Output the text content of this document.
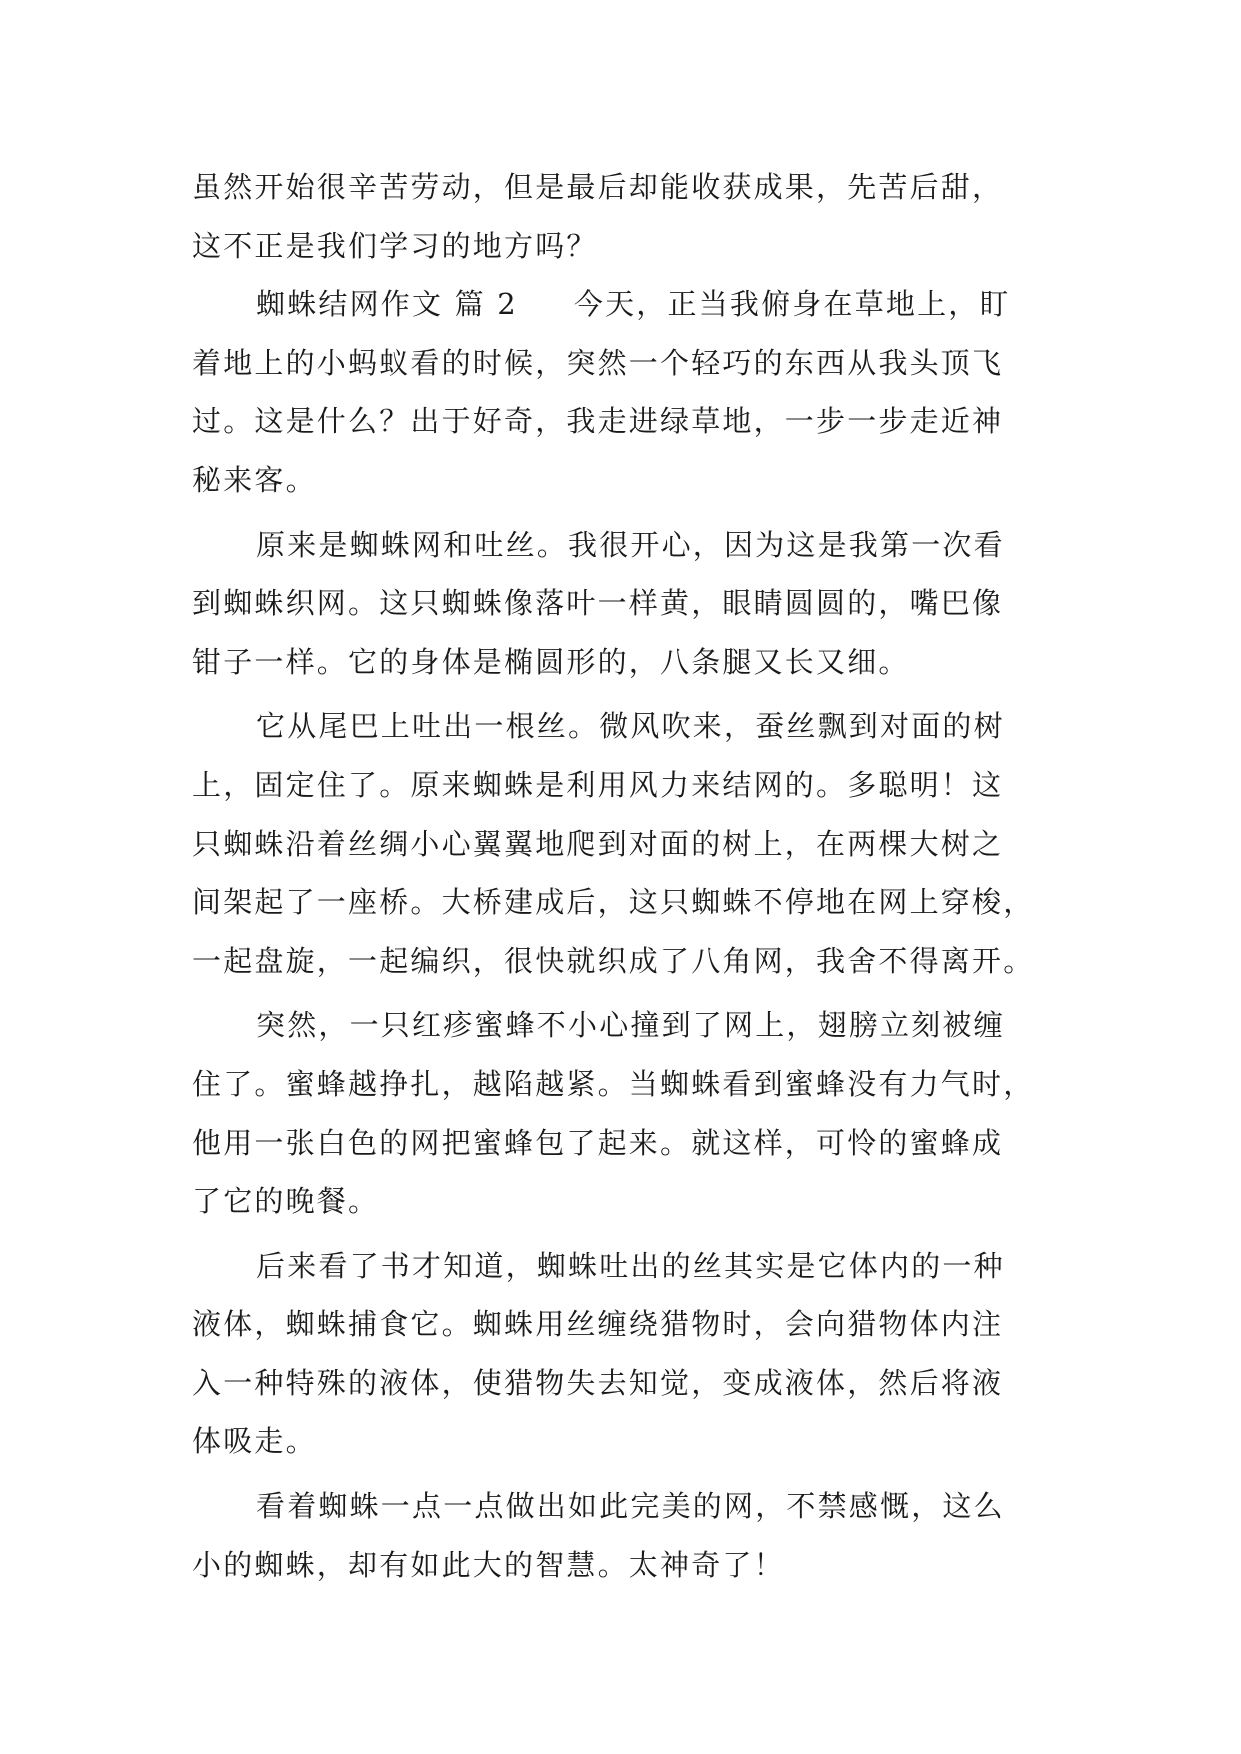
虽然开始很辛苦劳动，但是最后却能收获成果，先苦后甜，
这不正是我们学习的地方吗？
蜘蛛结网作文 篇 2 今天，正当我俯身在草地上，盯
着地上的小蚂蚁看的时候，突然一个轻巧的东西从我头顶飞
过。这是什么？出于好奇，我走进绿草地，一步一步走近神
秘来客。
原来是蜘蛛网和吐丝。我很开心，因为这是我第一次看
到蜘蛛织网。这只蜘蛛像落叶一样黄，眼睛圆圆的，嘴巴像
钳子一样。它的身体是椭圆形的，八条腿又长又细。
它从尾巴上吐出一根丝。微风吹来，蚕丝飘到对面的树
上，固定住了。原来蜘蛛是利用风力来结网的。多聪明！这
只蜘蛛沿着丝绸小心翼翼地爬到对面的树上，在两棵大树之
间架起了一座桥。大桥建成后，这只蜘蛛不停地在网上穿梭，
一起盘旋，一起编织，很快就织成了八角网，我舍不得离开。
突然，一只红疹蜜蜂不小心撞到了网上，翅膀立刻被缠
住了。蜜蜂越挣扎，越陷越紧。当蜘蛛看到蜜蜂没有力气时，
他用一张白色的网把蜜蜂包了起来。就这样，可怜的蜜蜂成
了它的晚餐。
后来看了书才知道，蜘蛛吐出的丝其实是它体内的一种
液体，蜘蛛捕食它。蜘蛛用丝缠绕猎物时，会向猎物体内注
入一种特殊的液体，使猎物失去知觉，变成液体，然后将液
体吸走。
看着蜘蛛一点一点做出如此完美的网，不禁感慨，这么
小的蜘蛛，却有如此大的智慧。太神奇了！
